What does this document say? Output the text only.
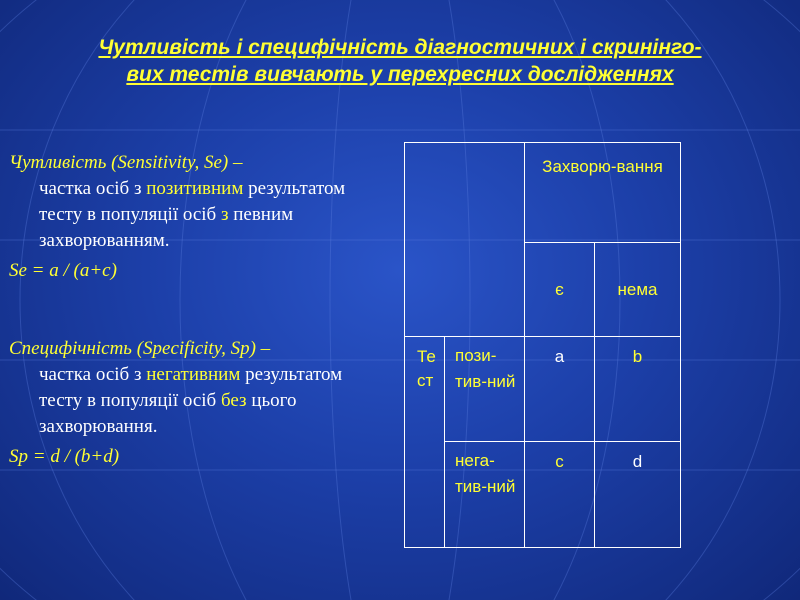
Чутливість і специфічність діагностичних і скринінго-
вих тестів вивчають у перехресних дослідженнях

Чутливість (Sensitivity, Se) –
частка осіб з позитивним результатом тесту в популяції осіб з певним захворюванням.

Se = a / (a+c)

Специфічність (Specificity, Sp) –
частка осіб з негативним результатом тесту в популяції осіб без цього захворювання.

Sp = d / (b+d)
		Захворю-вання	
		є	нема
Тест	пози-тив-ний	a	b
	нега-тив-ний	c	d
